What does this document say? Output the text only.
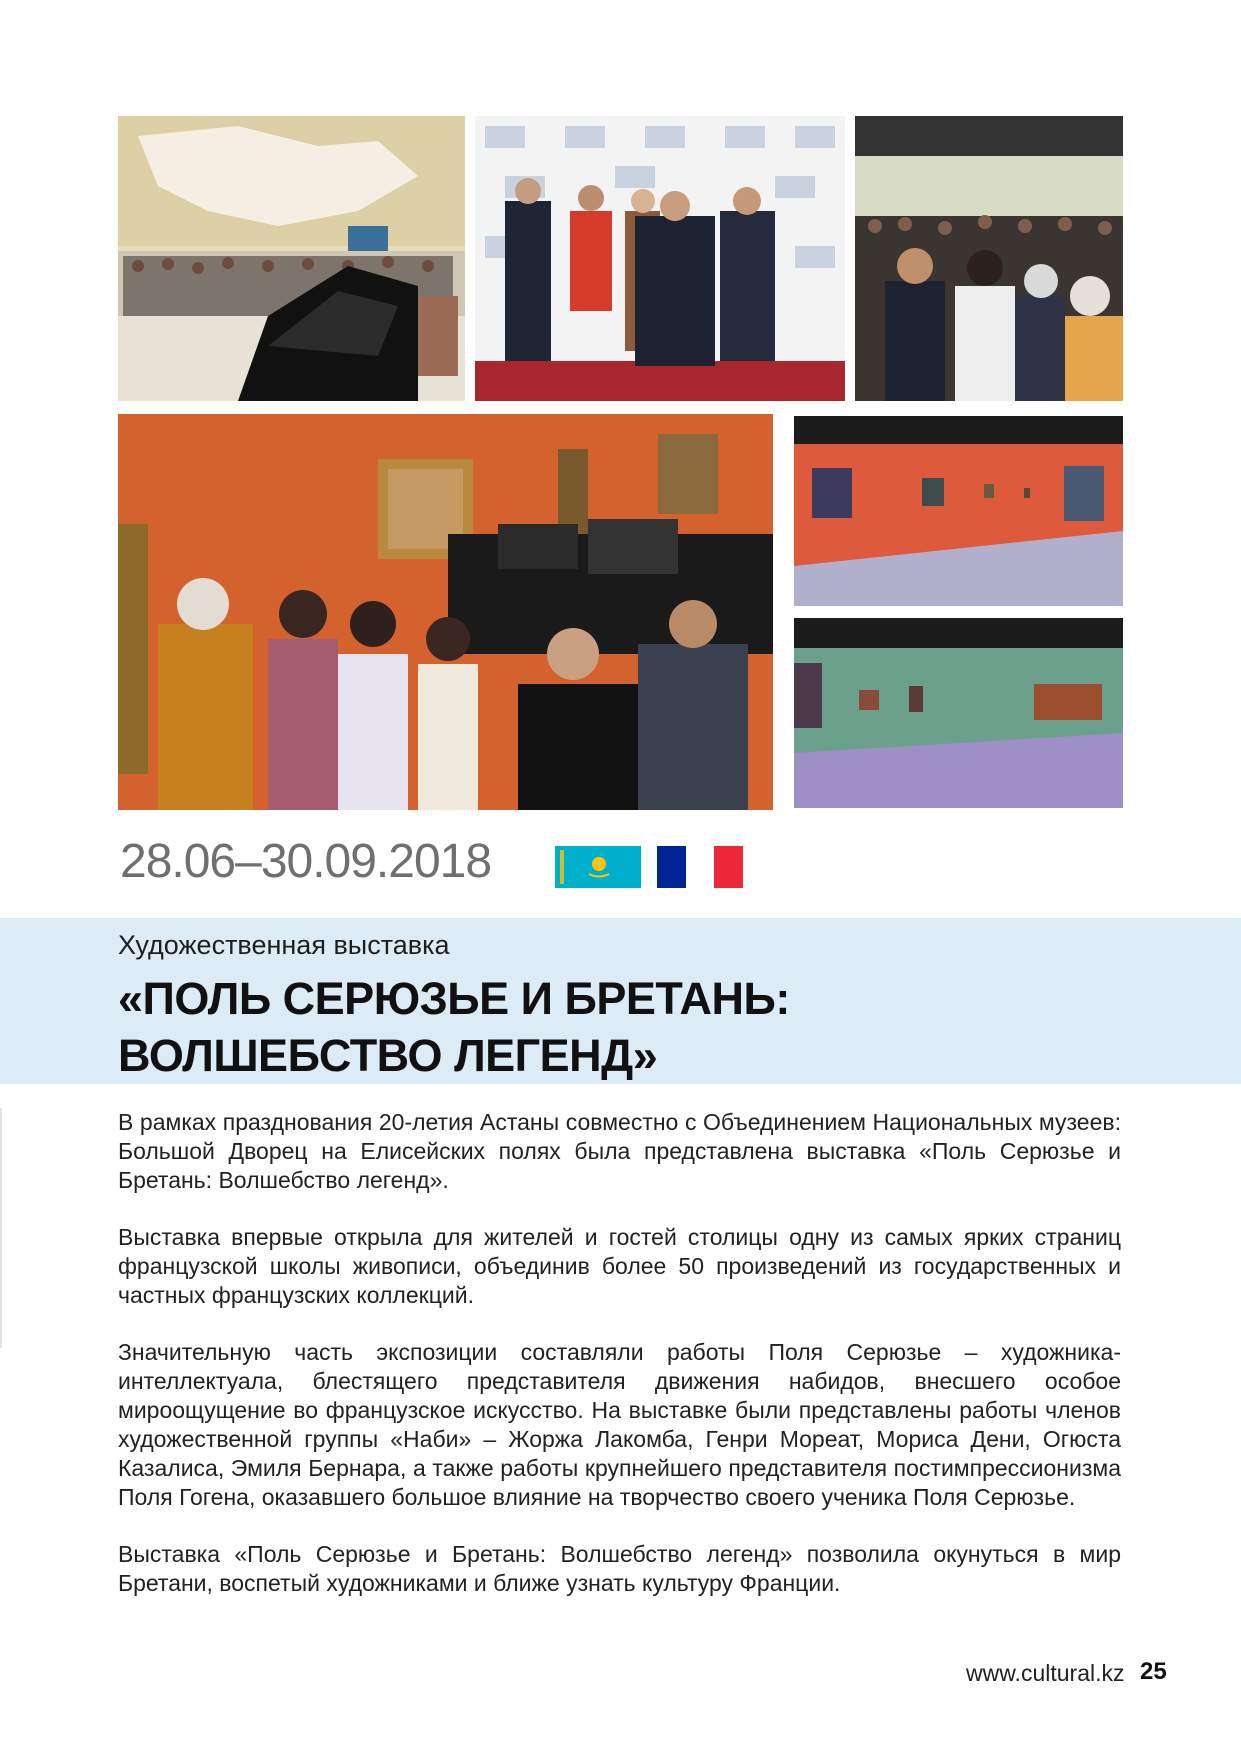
28.06–30.09.2018
Художественная выставка
«ПОЛЬ СЕРЮЗЬЕ И БРЕТАНЬ:
ВОЛШЕБСТВО ЛЕГЕНД»

В рамках празднования 20-летия Астаны совместно с Объединением Национальных музеев: Большой Дворец на Елисейских полях была представлена выставка «Поль Серюзье и Бретань: Волшебство легенд».

Выставка впервые открыла для жителей и гостей столицы одну из самых ярких страниц французской школы живописи, объединив более 50 произведений из государственных и частных французских коллекций.

Значительную часть экспозиции составляли работы Поля Серюзье – художника-интеллектуала, блестящего представителя движения набидов, внесшего особое мироощущение во французское искусство. На выставке были представлены работы членов художественной группы «Наби» – Жоржа Лакомба, Генри Мореат, Мориса Дени, Огюста Казалиса, Эмиля Бернара, а также работы крупнейшего представителя постимпрессионизма Поля Гогена, оказавшего большое влияние на творчество своего ученика Поля Серюзье.

Выставка «Поль Серюзье и Бретань: Волшебство легенд» позволила окунуться в мир Бретани, воспетый художниками и ближе узнать культуру Франции.

www.cultural.kz 25
